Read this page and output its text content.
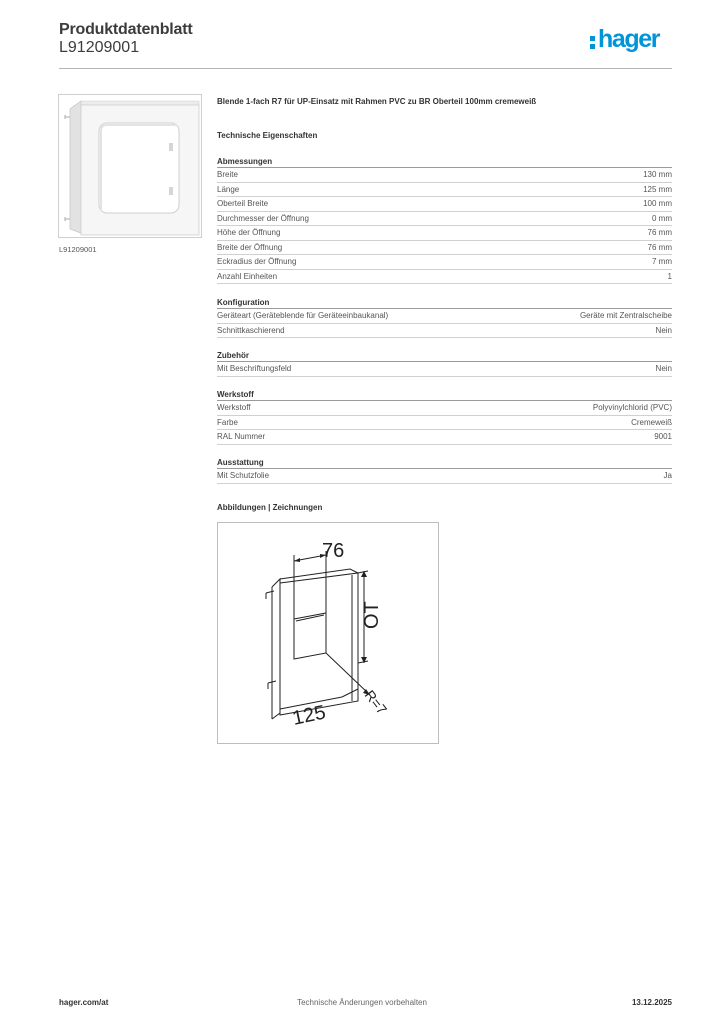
Produktdatenblatt
L91209001	hager
L91209001
Blende 1-fach R7 für UP-Einsatz mit Rahmen PVC zu BR Oberteil 100mm cremeweiß
Technische Eigenschaften
Abmessungen
Breite	130 mm
Länge	125 mm
Oberteil Breite	100 mm
Durchmesser der Öffnung	0 mm
Höhe der Öffnung	76 mm
Breite der Öffnung	76 mm
Eckradius der Öffnung	7 mm
Anzahl Einheiten	1
Konfiguration
Geräteart (Geräteblende für Geräteeinbaukanal)	Geräte mit Zentralscheibe
Schnittkaschierend	Nein
Zubehör
Mit Beschriftungsfeld	Nein
Werkstoff
Werkstoff	Polyvinylchlorid (PVC)
Farbe	Cremeweiß
RAL Nummer	9001
Ausstattung
Mit Schutzfolie	Ja
Abbildungen | Zeichnungen
76
OT
125 R=7
hager.com/at	Technische Änderungen vorbehalten	13.12.2025
